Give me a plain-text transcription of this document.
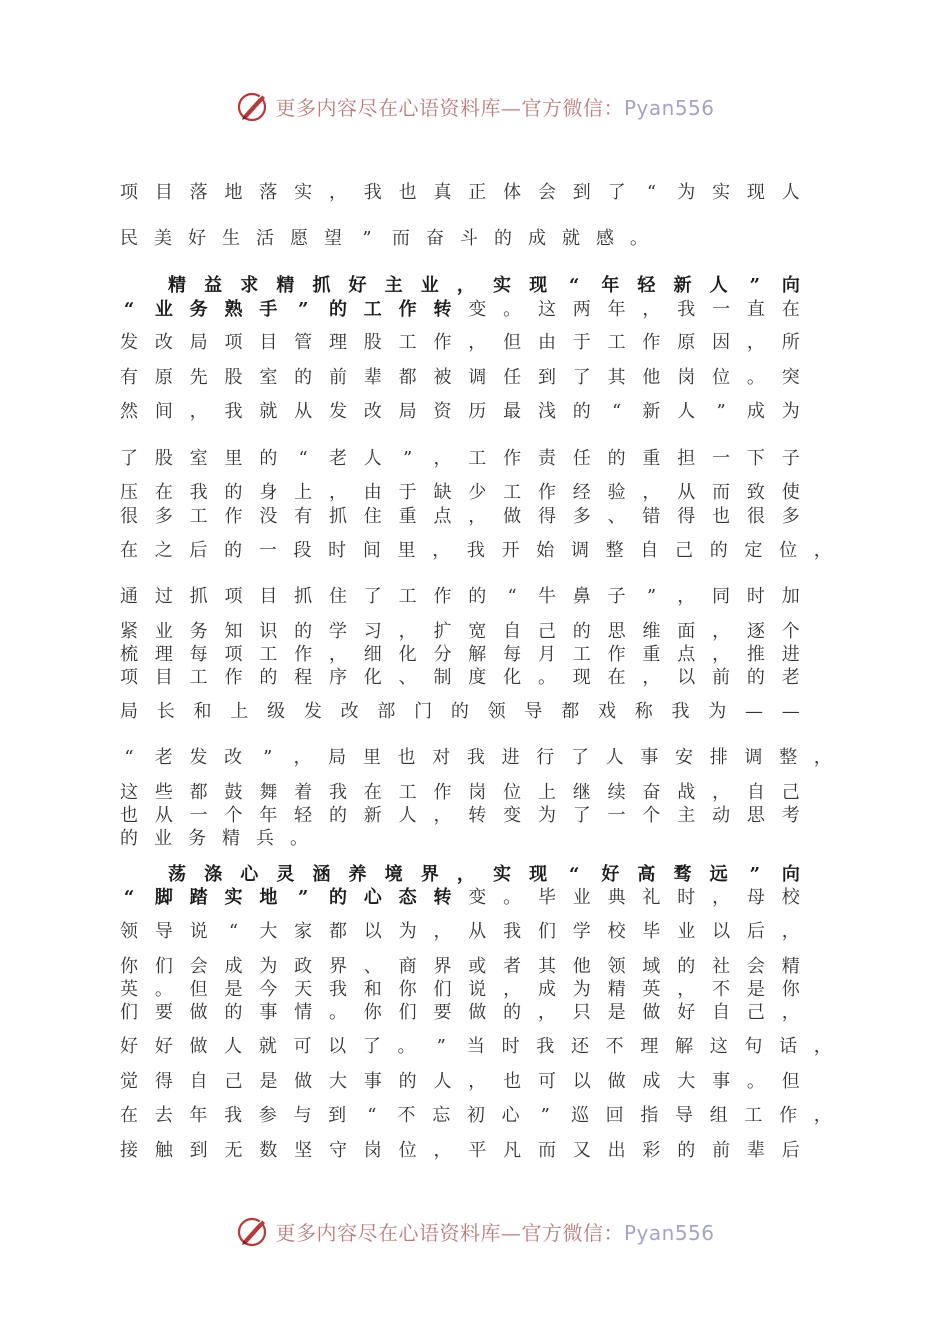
更多内容尽在心语资料库—官方微信：Pyan556
项 目 落 地 落 实 ， 我 也 真 正 体 会 到 了 “ 为 实 现 人
民 美 好 生 活 愿 望 ” 而 奋 斗 的 成 就 感 。
精 益 求 精 抓 好 主 业 ， 实 现 “ 年 轻 新 人 ” 向
“ 业 务 熟 手 ” 的 工 作 转 变 。 这 两 年 ， 我 一 直 在
发 改 局 项 目 管 理 股 工 作 ， 但 由 于 工 作 原 因 ， 所
有 原 先 股 室 的 前 辈 都 被 调 任 到 了 其 他 岗 位 。 突
然 间 ， 我 就 从 发 改 局 资 历 最 浅 的 “ 新 人 ” 成 为
了 股 室 里 的 “ 老 人 ” ， 工 作 责 任 的 重 担 一 下 子
压 在 我 的 身 上 ， 由 于 缺 少 工 作 经 验 ， 从 而 致 使
很 多 工 作 没 有 抓 住 重 点 ， 做 得 多 、 错 得 也 很 多
在 之 后 的 一 段 时 间 里 ， 我 开 始 调 整 自 己 的 定 位 ，
通 过 抓 项 目 抓 住 了 工 作 的 “ 牛 鼻 子 ” ， 同 时 加
紧 业 务 知 识 的 学 习 ， 扩 宽 自 己 的 思 维 面 ， 逐 个
梳 理 每 项 工 作 ， 细 化 分 解 每 月 工 作 重 点 ， 推 进
项 目 工 作 的 程 序 化 、 制 度 化 。 现 在 ， 以 前 的 老
局 长 和 上 级 发 改 部 门 的 领 导 都 戏 称 我 为 — —
“ 老 发 改 ” ， 局 里 也 对 我 进 行 了 人 事 安 排 调 整 ，
这 些 都 鼓 舞 着 我 在 工 作 岗 位 上 继 续 奋 战 ， 自 己
也 从 一 个 年 轻 的 新 人 ， 转 变 为 了 一 个 主 动 思 考
的 业 务 精 兵 。
荡 涤 心 灵 涵 养 境 界 ， 实 现 “ 好 高 骛 远 ” 向
“ 脚 踏 实 地 ” 的 心 态 转 变 。 毕 业 典 礼 时 ， 母 校
领 导 说 “ 大 家 都 以 为 ， 从 我 们 学 校 毕 业 以 后 ，
你 们 会 成 为 政 界 、 商 界 或 者 其 他 领 域 的 社 会 精
英 。 但 是 今 天 我 和 你 们 说 ， 成 为 精 英 ， 不 是 你
们 要 做 的 事 情 。 你 们 要 做 的 ， 只 是 做 好 自 己 ，
好 好 做 人 就 可 以 了 。 ” 当 时 我 还 不 理 解 这 句 话 ，
觉 得 自 己 是 做 大 事 的 人 ， 也 可 以 做 成 大 事 。 但
在 去 年 我 参 与 到 “ 不 忘 初 心 ” 巡 回 指 导 组 工 作 ，
接 触 到 无 数 坚 守 岗 位 ， 平 凡 而 又 出 彩 的 前 辈 后
更多内容尽在心语资料库—官方微信：Pyan556
